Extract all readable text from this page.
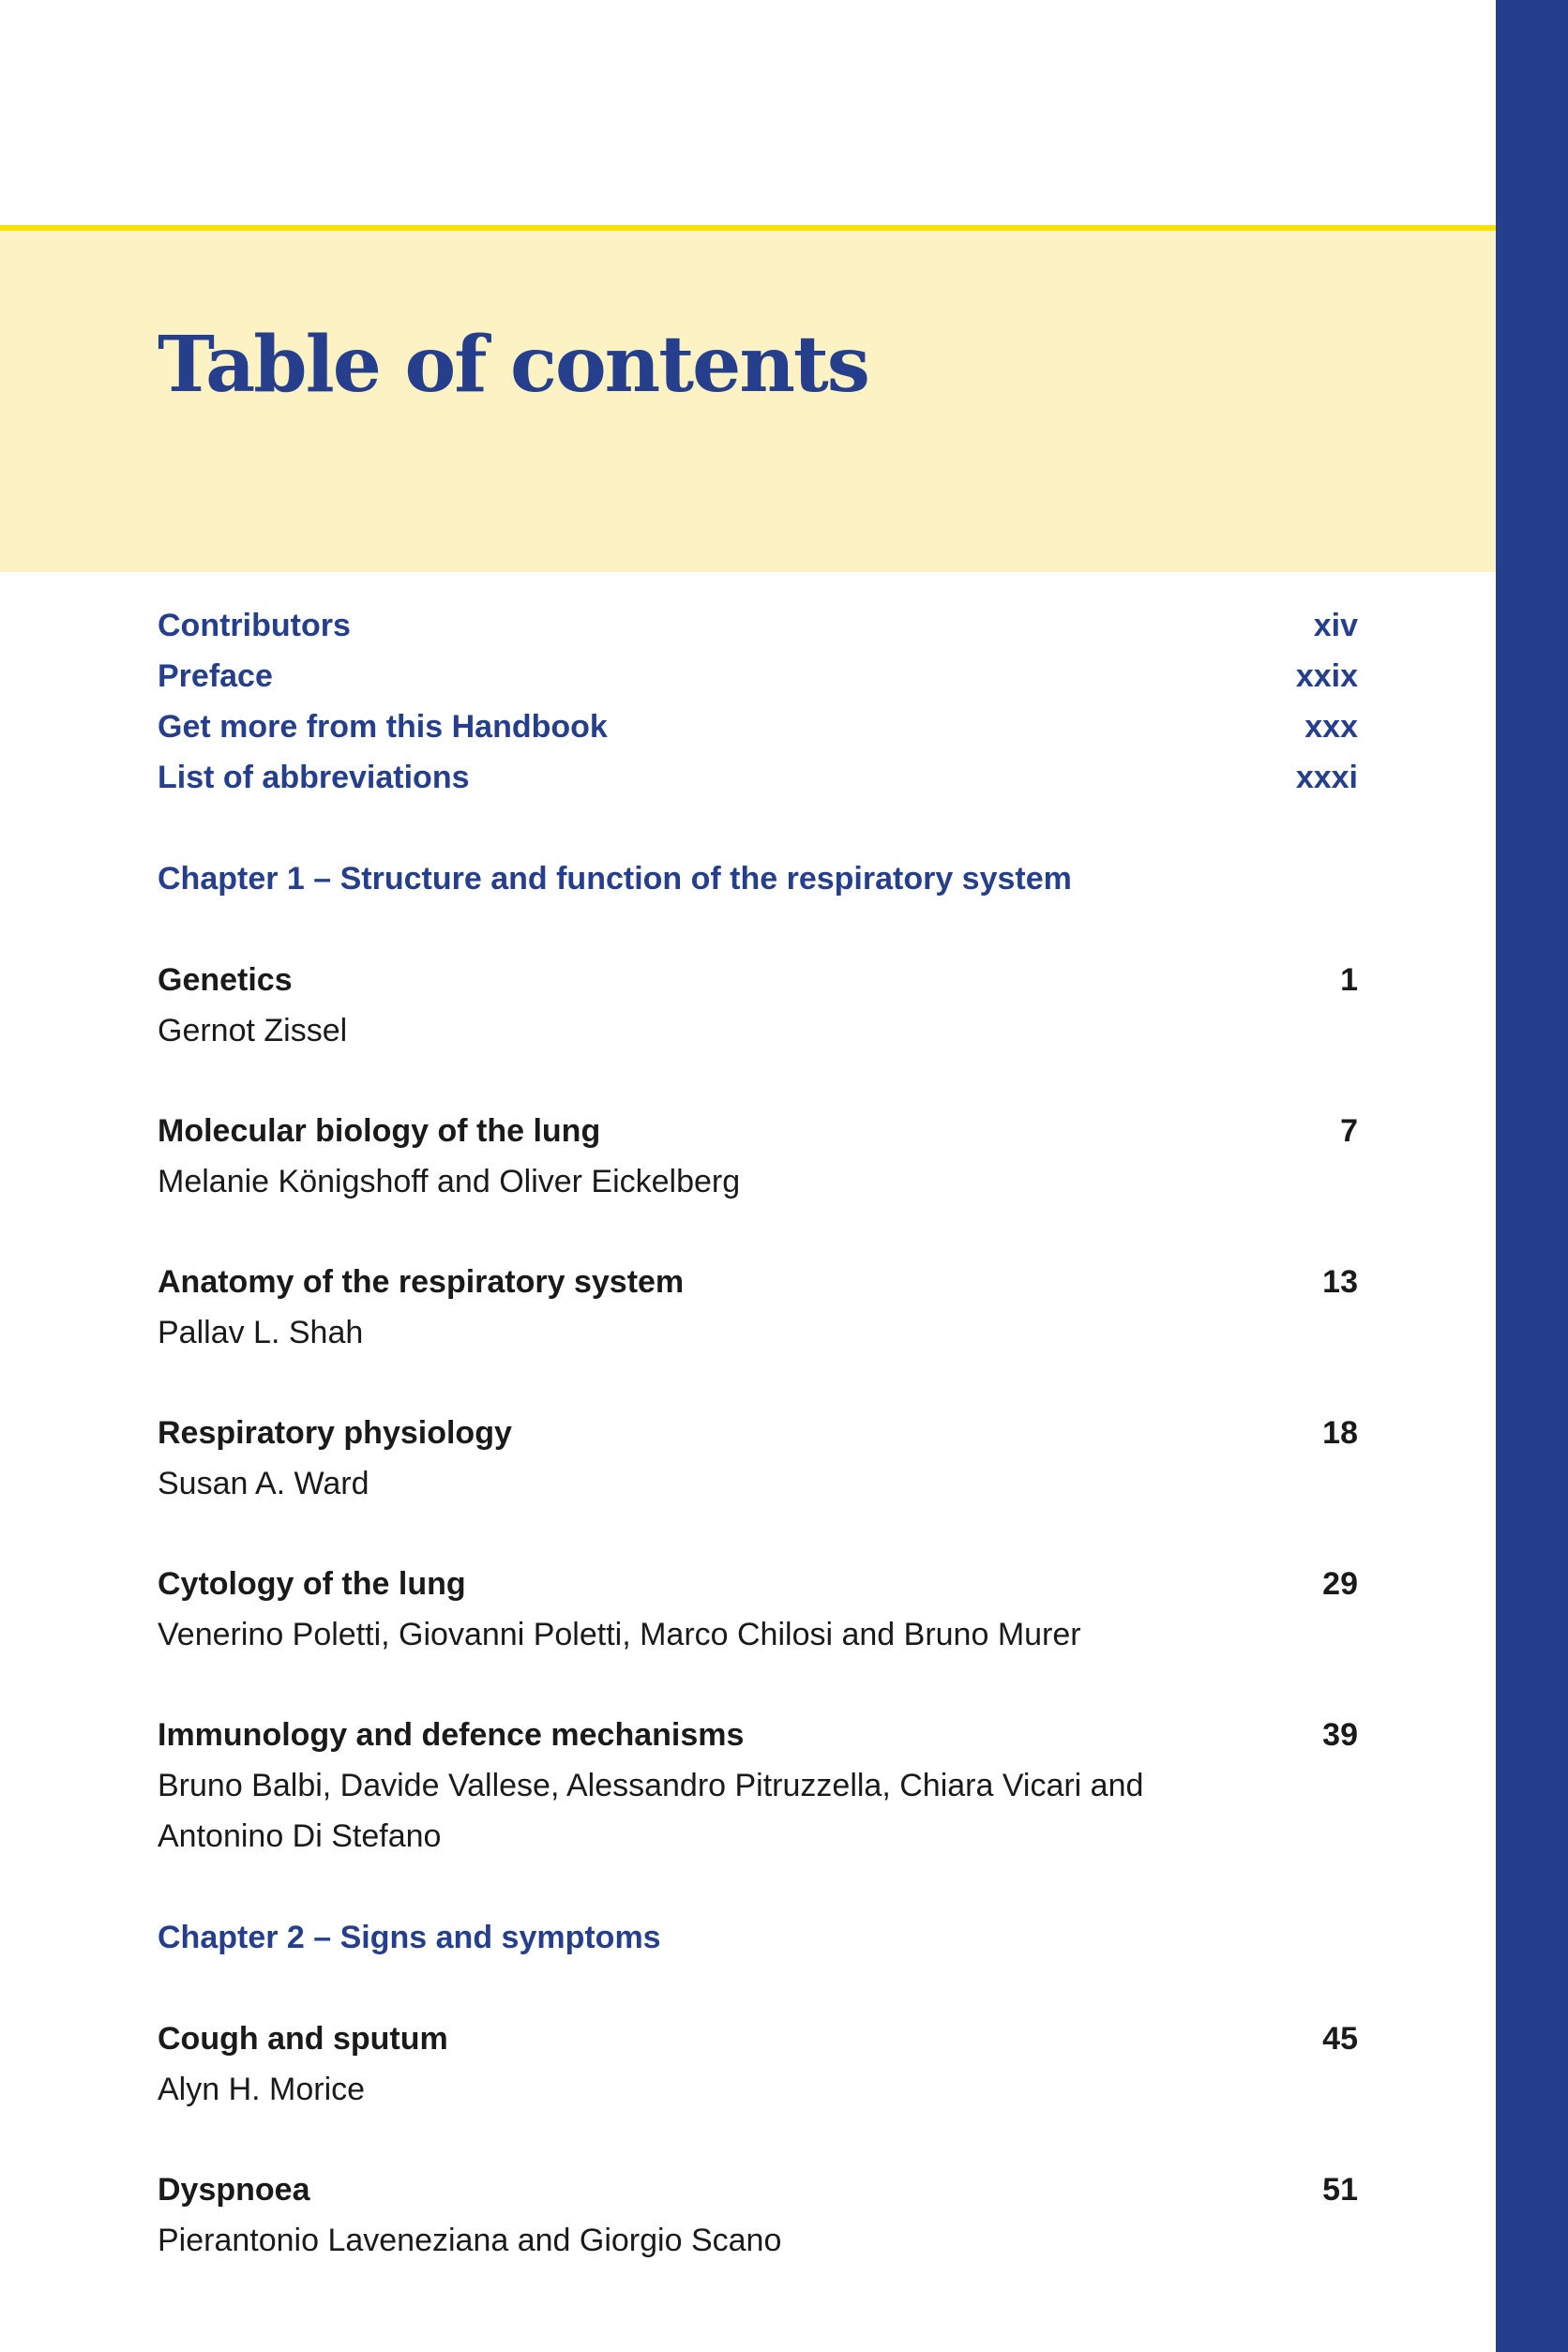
Table of contents
Contributors	xiv
Preface	xxix
Get more from this Handbook	xxx
List of abbreviations	xxxi
Chapter 1 – Structure and function of the respiratory system
Genetics	1
Gernot Zissel
Molecular biology of the lung	7
Melanie Königshoff and Oliver Eickelberg
Anatomy of the respiratory system	13
Pallav L. Shah
Respiratory physiology	18
Susan A. Ward
Cytology of the lung	29
Venerino Poletti, Giovanni Poletti, Marco Chilosi and Bruno Murer
Immunology and defence mechanisms	39
Bruno Balbi, Davide Vallese, Alessandro Pitruzzella, Chiara Vicari and
Antonino Di Stefano
Chapter 2 – Signs and symptoms
Cough and sputum	45
Alyn H. Morice
Dyspnoea	51
Pierantonio Laveneziana and Giorgio Scano
